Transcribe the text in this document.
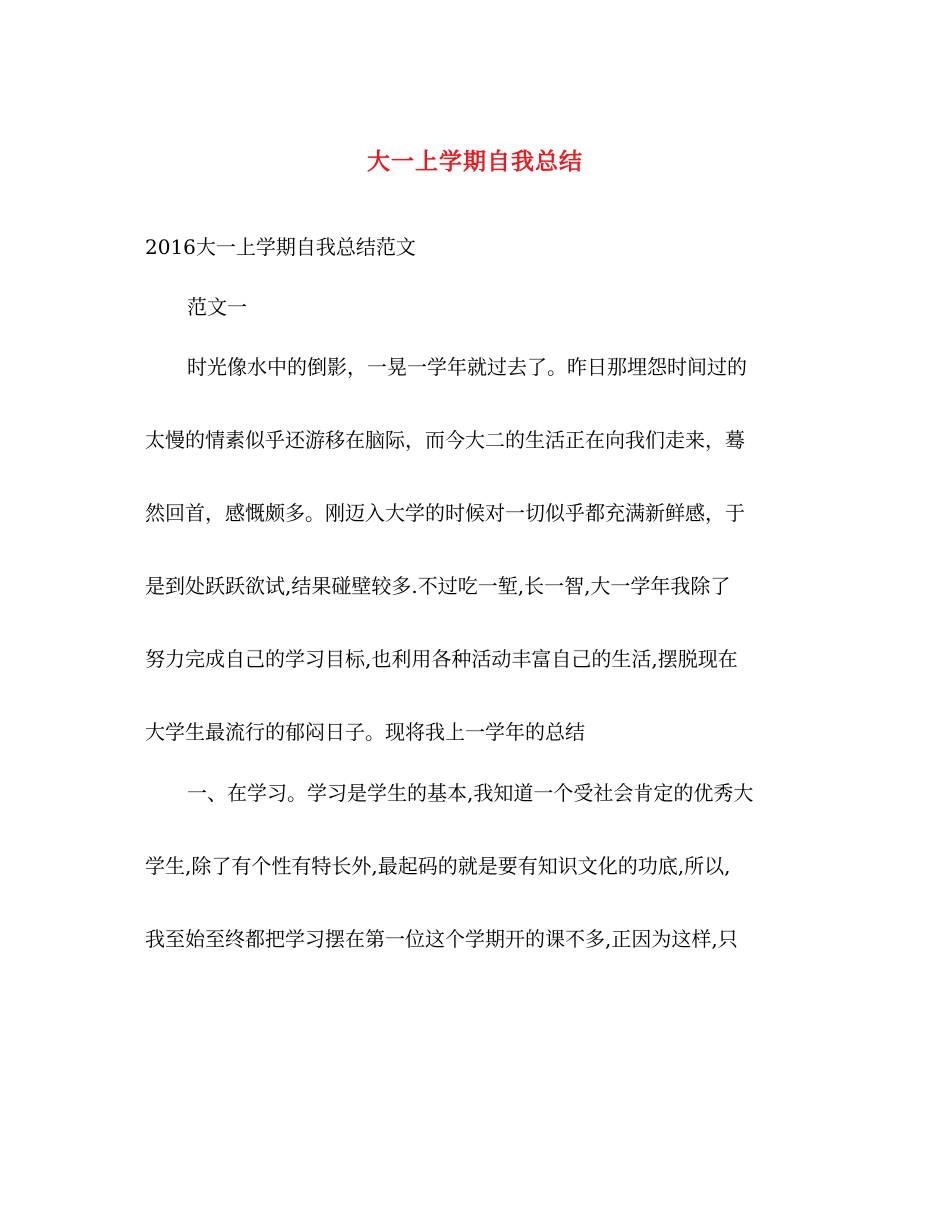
大一上学期自我总结
2016大一上学期自我总结范文
范文一
时光像水中的倒影，一晃一学年就过去了。昨日那埋怨时间过的
太慢的情素似乎还游移在脑际，而今大二的生活正在向我们走来，蓦
然回首，感慨颇多。刚迈入大学的时候对一切似乎都充满新鲜感，于
是到处跃跃欲试,结果碰壁较多.不过吃一堑,长一智,大一学年我除了
努力完成自己的学习目标,也利用各种活动丰富自己的生活,摆脱现在
大学生最流行的郁闷日子。现将我上一学年的总结
一、在学习。学习是学生的基本,我知道一个受社会肯定的优秀大
学生,除了有个性有特长外,最起码的就是要有知识文化的功底,所以,
我至始至终都把学习摆在第一位这个学期开的课不多,正因为这样,只
